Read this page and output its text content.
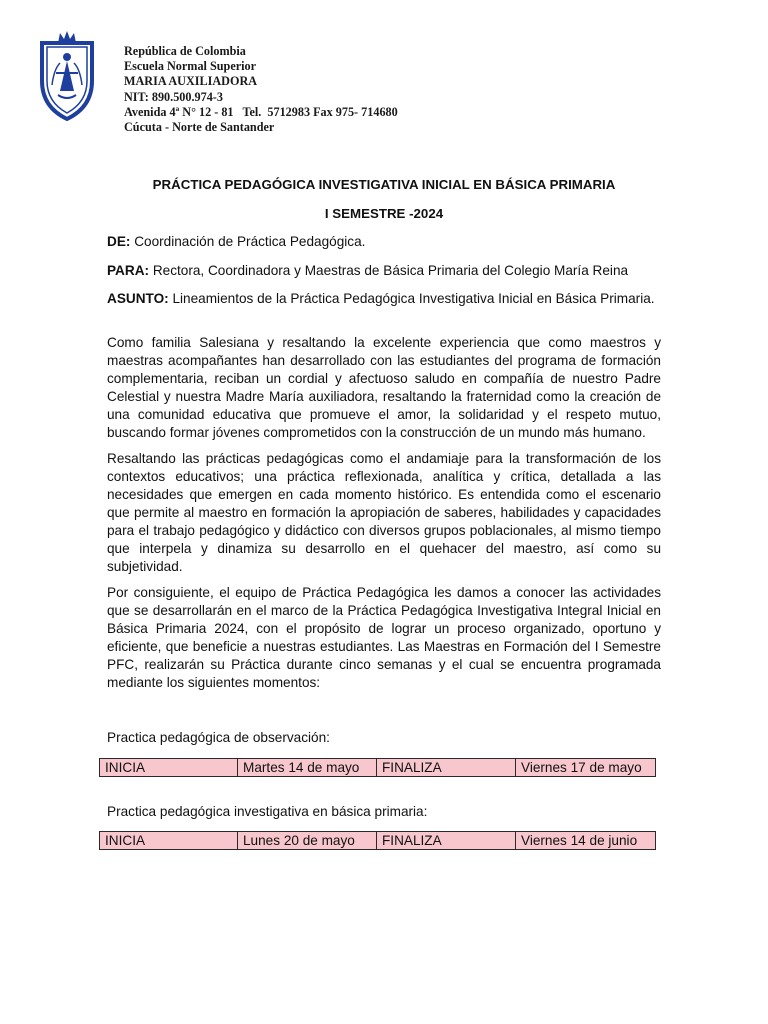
República de Colombia
Escuela Normal Superior
MARIA AUXILIADORA
NIT: 890.500.974-3
Avenida 4ª N° 12 - 81   Tel.  5712983 Fax 975- 714680
Cúcuta - Norte de Santander
PRÁCTICA PEDAGÓGICA INVESTIGATIVA INICIAL EN BÁSICA PRIMARIA
I SEMESTRE -2024
DE: Coordinación de Práctica Pedagógica.
PARA: Rectora, Coordinadora y Maestras de Básica Primaria del Colegio María Reina
ASUNTO: Lineamientos de la Práctica Pedagógica Investigativa Inicial en Básica Primaria.
Como familia Salesiana y resaltando la excelente experiencia que como maestros y maestras acompañantes han desarrollado con las estudiantes del programa de formación complementaria, reciban un cordial y afectuoso saludo en compañía de nuestro Padre Celestial y nuestra Madre María auxiliadora, resaltando la fraternidad como la creación de una comunidad educativa que promueve el amor, la solidaridad y el respeto mutuo, buscando formar jóvenes comprometidos con la construcción de un mundo más humano.
Resaltando las prácticas pedagógicas como el andamiaje para la transformación de los contextos educativos; una práctica reflexionada, analítica y crítica, detallada a las necesidades que emergen en cada momento histórico. Es entendida como el escenario que permite al maestro en formación la apropiación de saberes, habilidades y capacidades para el trabajo pedagógico y didáctico con diversos grupos poblacionales, al mismo tiempo que interpela y dinamiza su desarrollo en el quehacer del maestro, así como su subjetividad.
Por consiguiente, el equipo de Práctica Pedagógica les damos a conocer las actividades que se desarrollarán en el marco de la Práctica Pedagógica Investigativa Integral Inicial en Básica Primaria 2024, con el propósito de lograr un proceso organizado, oportuno y eficiente, que beneficie a nuestras estudiantes. Las Maestras en Formación del I Semestre PFC, realizarán su Práctica durante cinco semanas y el cual se encuentra programada mediante los siguientes momentos:
Practica pedagógica de observación:
INICIA	Martes 14 de mayo	FINALIZA	Viernes 17 de mayo
Practica pedagógica investigativa en básica primaria:
INICIA	Lunes 20 de mayo	FINALIZA	Viernes 14 de junio
